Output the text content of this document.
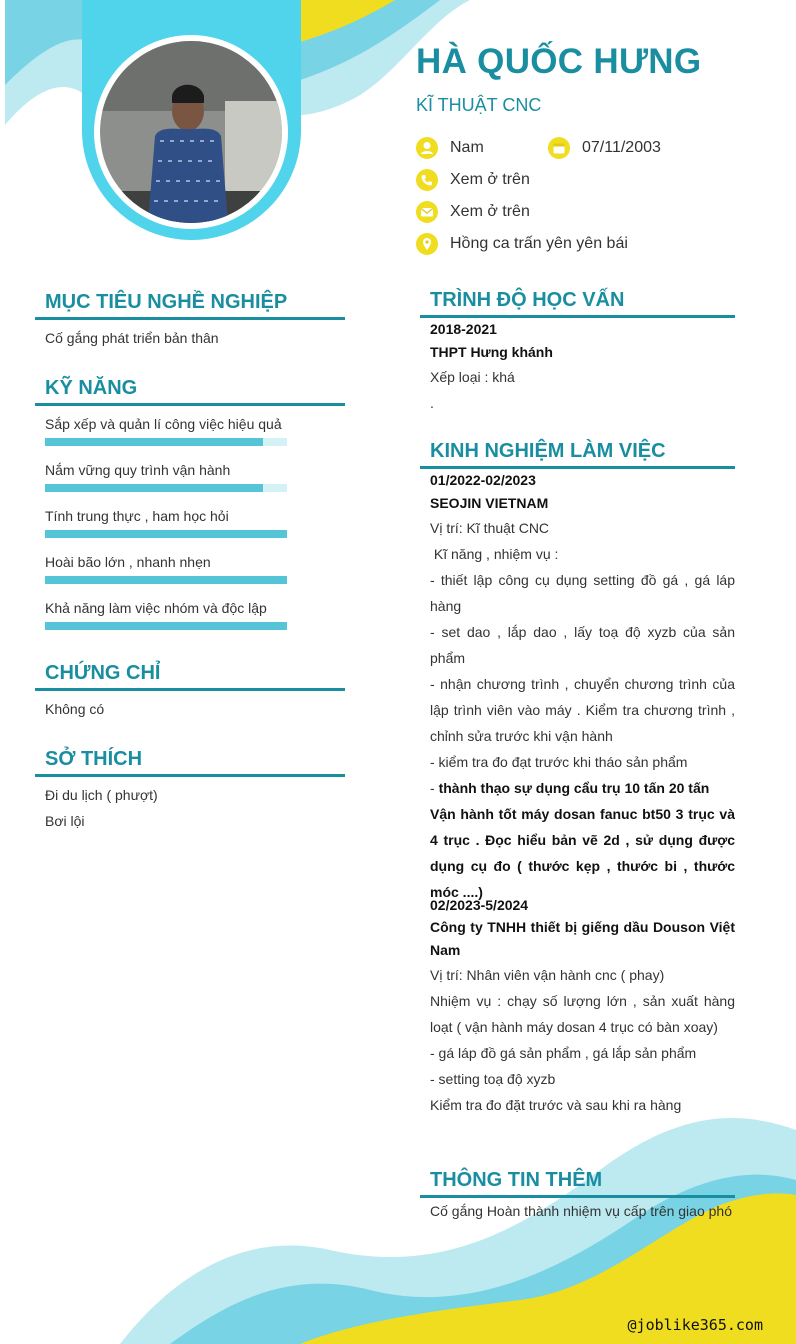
HÀ QUỐC HƯNG
KĨ THUẬT CNC
Nam	07/11/2003
Xem ở trên
Xem ở trên
Hồng ca trấn yên yên bái
MỤC TIÊU NGHỀ NGHIỆP
Cố gắng phát triển bản thân
KỸ NĂNG
Sắp xếp và quản lí công việc hiệu quả
Nắm vững quy trình vận hành
Tính trung thực , ham học hỏi
Hoài bão lớn , nhanh nhẹn
Khả năng làm việc nhóm và độc lập
CHỨNG CHỈ
Không có
SỞ THÍCH
Đi du lịch ( phượt)
Bơi lội
TRÌNH ĐỘ HỌC VẤN
2018-2021
THPT Hưng khánh
Xếp loại : khá
.
KINH NGHIỆM LÀM VIỆC
01/2022-02/2023
SEOJIN VIETNAM
Vị trí: Kĩ thuật CNC
Kĩ năng , nhiệm vụ :
- thiết lập công cụ dụng setting đồ gá , gá láp hàng
- set dao , lắp dao , lấy toạ độ xyzb của sản phẩm
- nhận chương trình , chuyển chương trình của lập trình viên vào máy . Kiểm tra chương trình , chỉnh sửa trước khi vận hành
- kiểm tra đo đạt trước khi tháo sản phẩm
- thành thạo sự dụng cẩu trụ 10 tấn 20 tấn
Vận hành tốt máy dosan fanuc bt50 3 trục và 4 trục . Đọc hiểu bản vẽ 2d , sử dụng được dụng cụ đo ( thước kẹp , thước bi , thước móc ....)
02/2023-5/2024
Công ty TNHH thiết bị giếng dầu Douson Việt Nam
Vị trí: Nhân viên vận hành cnc ( phay)
Nhiệm vụ : chạy số lượng lớn , sản xuất hàng loạt ( vận hành máy dosan 4 trục có bàn xoay)
- gá láp đồ gá sản phẩm , gá lắp sản phẩm
- setting toạ độ xyzb
Kiểm tra đo đặt trước và sau khi ra hàng
THÔNG TIN THÊM
Cố gắng Hoàn thành nhiệm vụ cấp trên giao phó
@joblike365.com
